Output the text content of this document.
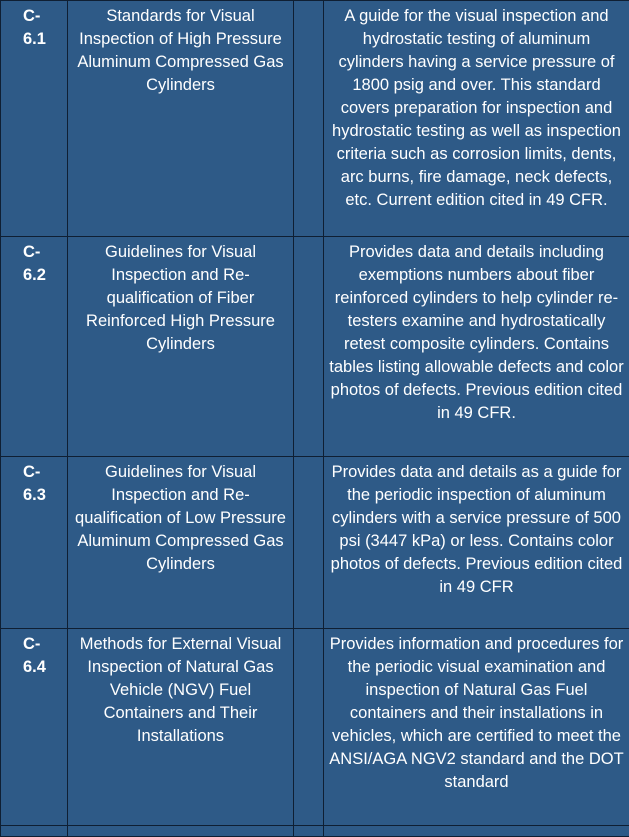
C-
6.1	Standards for Visual Inspection of High Pressure Aluminum Compressed Gas Cylinders		A guide for the visual inspection and hydrostatic testing of aluminum cylinders having a service pressure of 1800 psig and over. This standard covers preparation for inspection and hydrostatic testing as well as inspection criteria such as corrosion limits, dents, arc burns, fire damage, neck defects, etc. Current edition cited in 49 CFR.
C-
6.2	Guidelines for Visual Inspection and Re-qualification of Fiber Reinforced High Pressure Cylinders		Provides data and details including exemptions numbers about fiber reinforced cylinders to help cylinder re-testers examine and hydrostatically retest composite cylinders. Contains tables listing allowable defects and color photos of defects. Previous edition cited in 49 CFR.
C-
6.3	Guidelines for Visual Inspection and Re-qualification of Low Pressure Aluminum Compressed Gas Cylinders		Provides data and details as a guide for the periodic inspection of aluminum cylinders with a service pressure of 500 psi (3447 kPa) or less. Contains color photos of defects. Previous edition cited in 49 CFR
C-
6.4	Methods for External Visual Inspection of Natural Gas Vehicle (NGV) Fuel Containers and Their Installations		Provides information and procedures for the periodic visual examination and inspection of Natural Gas Fuel containers and their installations in vehicles, which are certified to meet the ANSI/AGA NGV2 standard and the DOT standard
